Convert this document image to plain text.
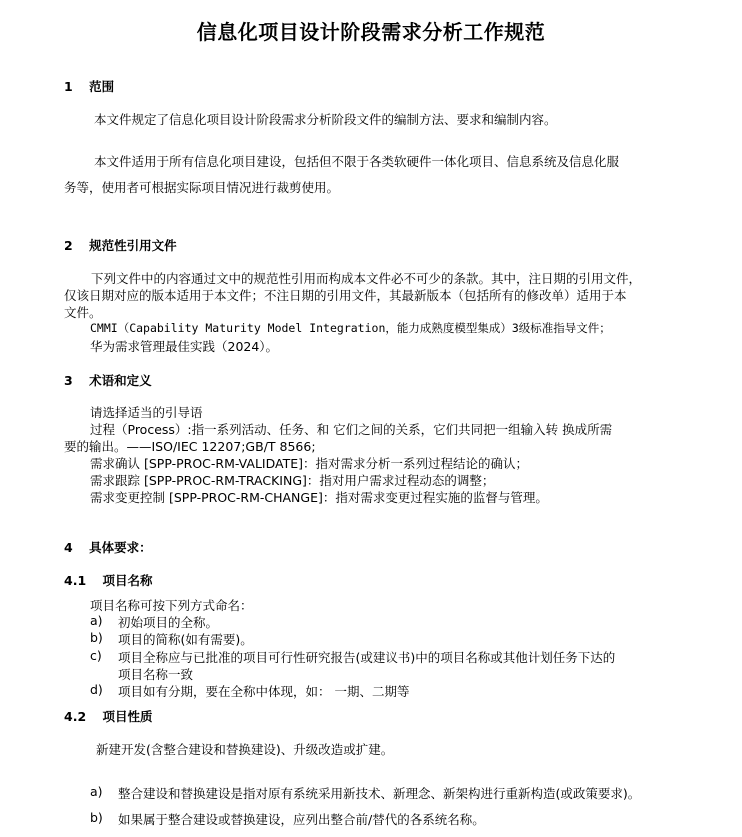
信息化项目设计阶段需求分析工作规范
1 范围
本文件规定了信息化项目设计阶段需求分析阶段文件的编制方法、要求和编制内容。
本文件适用于所有信息化项目建设，包括但不限于各类软硬件一体化项目、信息系统及信息化服
务等，使用者可根据实际项目情况进行裁剪使用。
2 规范性引用文件
下列文件中的内容通过文中的规范性引用而构成本文件必不可少的条款。其中，注日期的引用文件，
仅该日期对应的版本适用于本文件；不注日期的引用文件，其最新版本（包括所有的修改单）适用于本
文件。
CMMI（Capability Maturity Model Integration，能力成熟度模型集成）3级标准指导文件；
华为需求管理最佳实践（2024）。
3 术语和定义
请选择适当的引导语
过程（Process）:指一系列活动、任务、和 它们之间的关系，它们共同把一组输入转 换成所需
要的输出。——ISO/IEC 12207;GB/T 8566;
需求确认 [SPP-PROC-RM-VALIDATE]：指对需求分析一系列过程结论的确认；
需求跟踪 [SPP-PROC-RM-TRACKING]：指对用户需求过程动态的调整；
需求变更控制 [SPP-PROC-RM-CHANGE]：指对需求变更过程实施的监督与管理。
4 具体要求：
4.1 项目名称
项目名称可按下列方式命名：
a) 初始项目的全称。
b) 项目的简称(如有需要)。
c) 项目全称应与已批准的项目可行性研究报告(或建议书)中的项目名称或其他计划任务下达的
项目名称一致
d) 项目如有分期，要在全称中体现，如： 一期、二期等
4.2 项目性质
新建开发(含整合建设和替换建设)、升级改造或扩建。
a) 整合建设和替换建设是指对原有系统采用新技术、新理念、新架构进行重新构造(或政策要求)。
b) 如果属于整合建设或替换建设，应列出整合前/替代的各系统名称。
